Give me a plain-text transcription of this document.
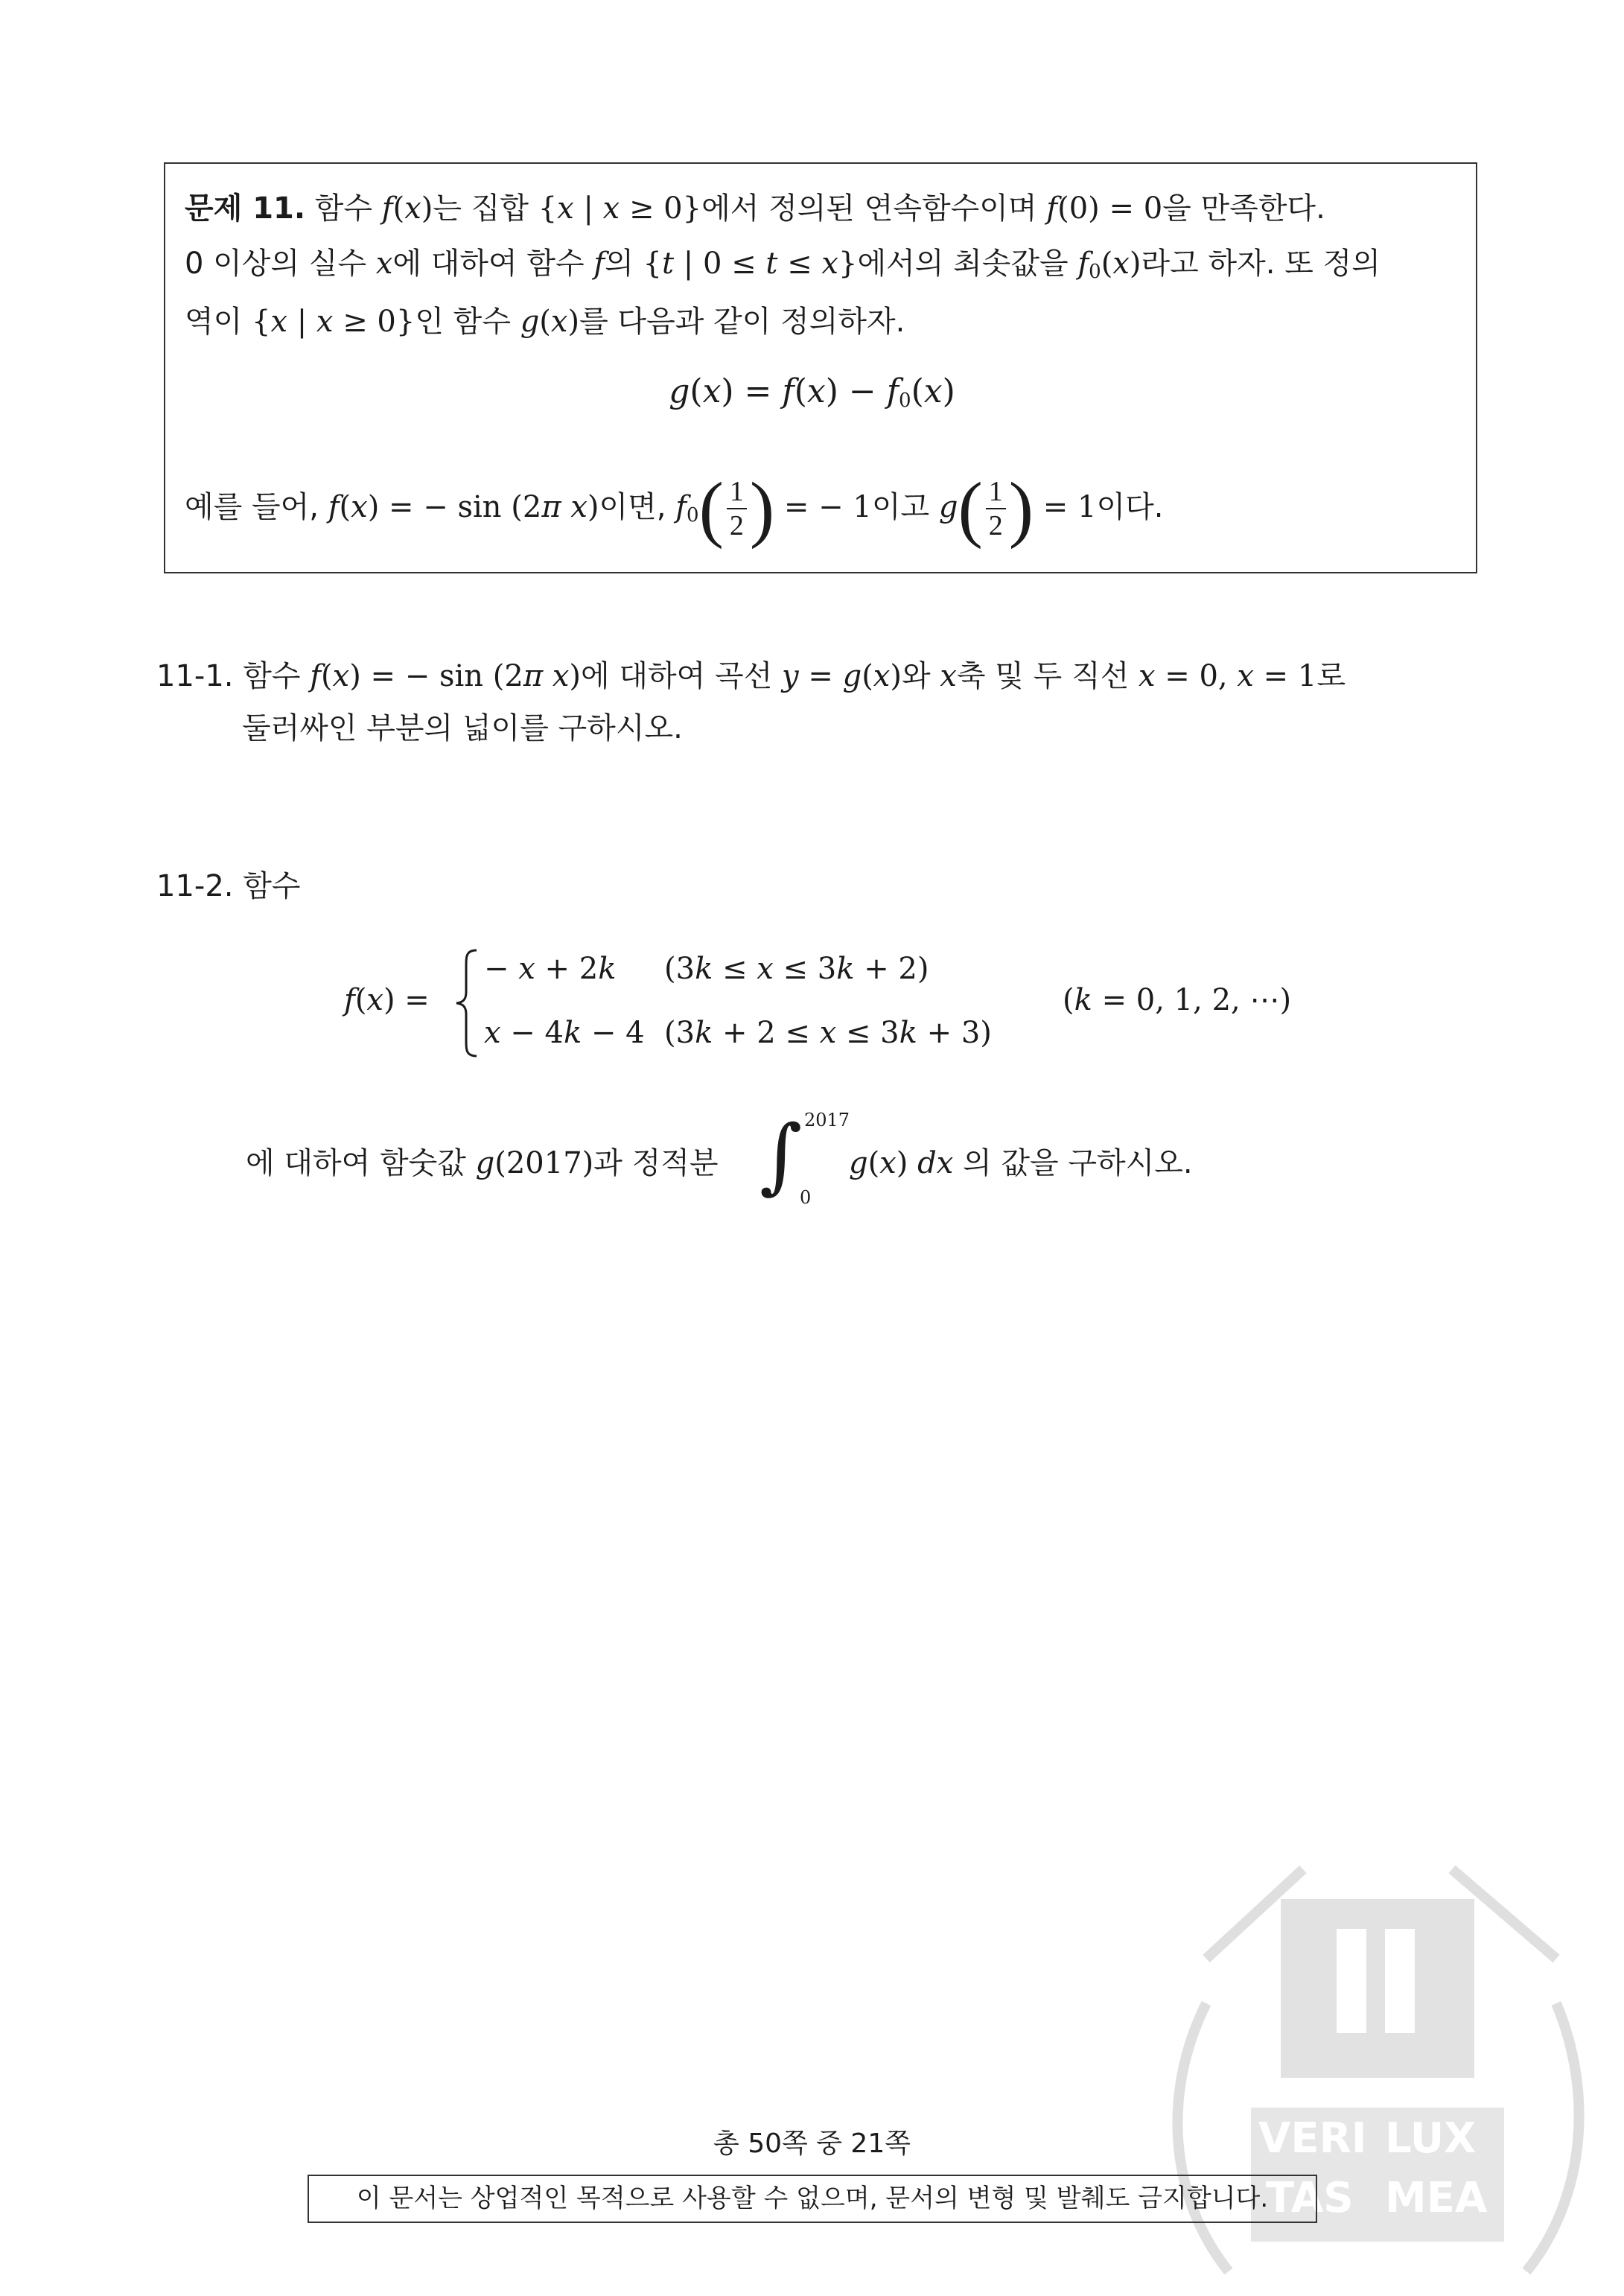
문제 11. 함수 f(x)는 집합 {x | x ≥ 0}에서 정의된 연속함수이며 f(0) = 0을 만족한다.
0 이상의 실수 x에 대하여 함수 f의 {t | 0 ≤ t ≤ x}에서의 최솟값을 $f_0(x)$라고 하자. 또 정의
역이 {x | x ≥ 0}인 함수 g(x)를 다음과 같이 정의하자.
$g(x) = f(x) - f_0(x)$
예를 들어, f(x) = − sin (2π x)이면, $f_0( \frac{1}{2}$ ) = − 1이고 $g( \frac{1}{2}$ ) = 1이다.
11-1. 함수 f(x) = − sin (2π x)에 대하여 곡선 y = g(x)와 x축 및 두 직선 x = 0, x = 1로
둘러싸인 부분의 넓이를 구하시오.
11-2. 함수
f(x) =
− x + 2k (3k ≤ x ≤ 3k + 2)
x − 4k − 4 (3k + 2 ≤ x ≤ 3k + 3)
(k = 0, 1, 2, ⋯)
에 대하여 함숫값 g(2017)과 정적분 ∫ 2017
0
g(x) dx 의 값을 구하시오.
VERI LUX
TAS MEA
총 50쪽 중 21쪽
이 문서는 상업적인 목적으로 사용할 수 없으며, 문서의 변형 및 발췌도 금지합니다.
